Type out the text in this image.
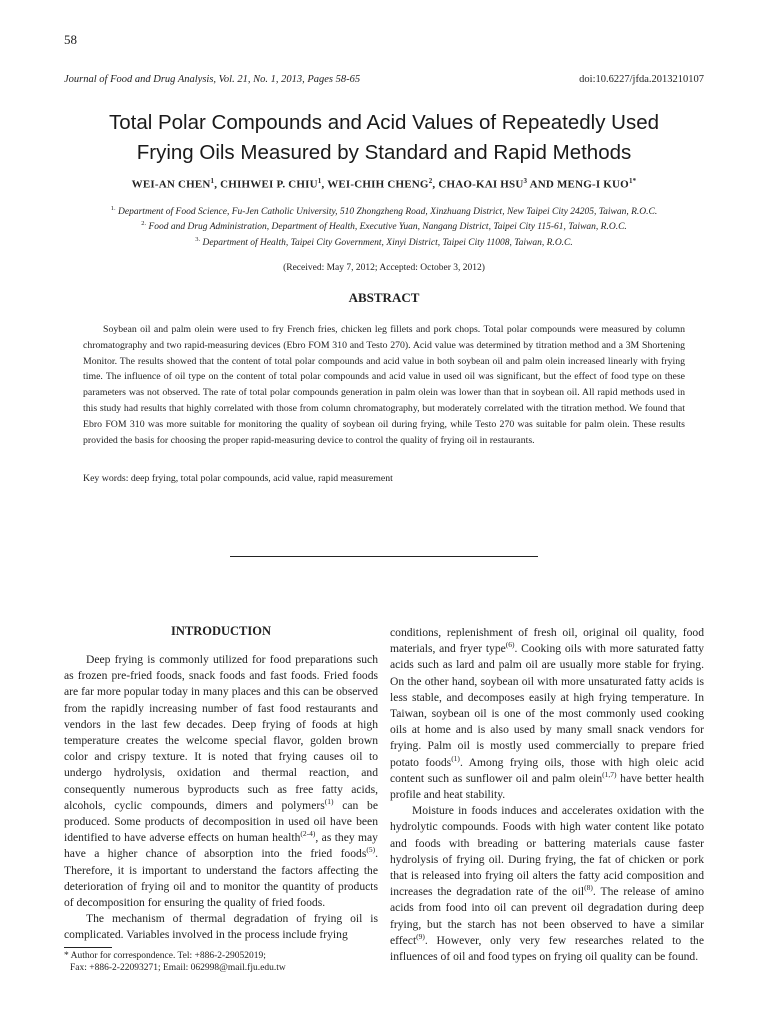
58
Journal of Food and Drug Analysis, Vol. 21, No. 1, 2013, Pages 58-65	doi:10.6227/jfda.2013210107
Total Polar Compounds and Acid Values of Repeatedly Used
Frying Oils Measured by Standard and Rapid Methods
WEI-AN CHEN$^1$, CHIHWEI P. CHIU$^1$, WEI-CHIH CHENG$^2$, CHAO-KAI HSU$^3$ AND MENG-I $KUO^{1*}$
$^{1.}$ Department of Food Science, Fu-Jen Catholic University, 510 Zhongzheng Road, Xinzhuang District, New Taipei City 24205, Taiwan, R.O.C.
$^{2.}$ Food and Drug Administration, Department of Health, Executive Yuan, Nangang District, Taipei City 115-61, Taiwan, R.O.C.
$^{3.}$ Department of Health, Taipei City Government, Xinyi District, Taipei City 11008, Taiwan, R.O.C.
(Received: May 7, 2012; Accepted: October 3, 2012)
ABSTRACT

Soybean oil and palm olein were used to fry French fries, chicken leg fillets and pork chops. Total polar compounds were measured by column chromatography and two rapid-measuring devices (Ebro FOM 310 and Testo 270). Acid value was determined by titration method and a 3M Shortening Monitor. The results showed that the content of total polar compounds and acid value in both soybean oil and palm olein increased linearly with frying time. The influence of oil type on the content of total polar compounds and acid value in used oil was significant, but the effect of food type on these parameters was not observed. The rate of total polar compounds generation in palm olein was lower than that in soybean oil. All rapid methods used in this study had results that highly correlated with those from column chromatography, but moderately correlated with the titration method. We found that Ebro FOM 310 was more suitable for monitoring the quality of soybean oil during frying, while Testo 270 was suitable for palm olein. These results provided the basis for choosing the proper rapid-measuring device to control the quality of frying oil in restaurants.

Key words: deep frying, total polar compounds, acid value, rapid measurement
INTRODUCTION

Deep frying is commonly utilized for food preparations such as frozen pre-fried foods, snack foods and fast foods. Fried foods are far more popular today in many places and this can be observed from the rapidly increasing number of fast food restaurants and vendors in the last few decades. Deep frying of foods at high temperature creates the welcome special flavor, golden brown color and crispy texture. It is noted that frying causes oil to undergo hydrolysis, oxidation and thermal reaction, and consequently numerous byproducts such as free fatty acids, alcohols, cyclic compounds, dimers and polymers$^{(1)}$ can be produced. Some products of decomposition in used oil have been identified to have adverse effects on human health$^{(2-4)}$, as they may have a higher chance of absorption into the fried foods$^{(5)}$. Therefore, it is important to understand the factors affecting the deterioration of frying oil and to monitor the quantity of products of decomposition for ensuring the quality of fried foods.

The mechanism of thermal degradation of frying oil is complicated. Variables involved in the process include frying

conditions, replenishment of fresh oil, original oil quality, food materials, and fryer type$^{(6)}$. Cooking oils with more saturated fatty acids such as lard and palm oil are usually more stable for frying. On the other hand, soybean oil with more unsaturated fatty acids is less stable, and decomposes easily at high frying temperature. In Taiwan, soybean oil is one of the most commonly used cooking oils at home and is also used by many small snack vendors for frying. Palm oil is mostly used commercially to prepare fried potato foods$^{(1)}$. Among frying oils, those with high oleic acid content such as sunflower oil and palm olein$^{(1,7)}$ have better health profile and heat stability.

Moisture in foods induces and accelerates oxidation with the hydrolytic compounds. Foods with high water content like potato and foods with breading or battering materials cause faster hydrolysis of frying oil. During frying, the fat of chicken or pork that is released into frying oil alters the fatty acid composition and increases the degradation rate of the oil$^{(8)}$. The release of amino acids from food into oil can prevent oil degradation during deep frying, but the starch has not been observed to have a similar effect$^{(9)}$. However, only very few researches related to the influences of oil and food types on frying oil quality can be found.

* Author for correspondence. Tel: +886-2-29052019;
Fax: +886-2-22093271; Email: 062998@mail.fju.edu.tw
